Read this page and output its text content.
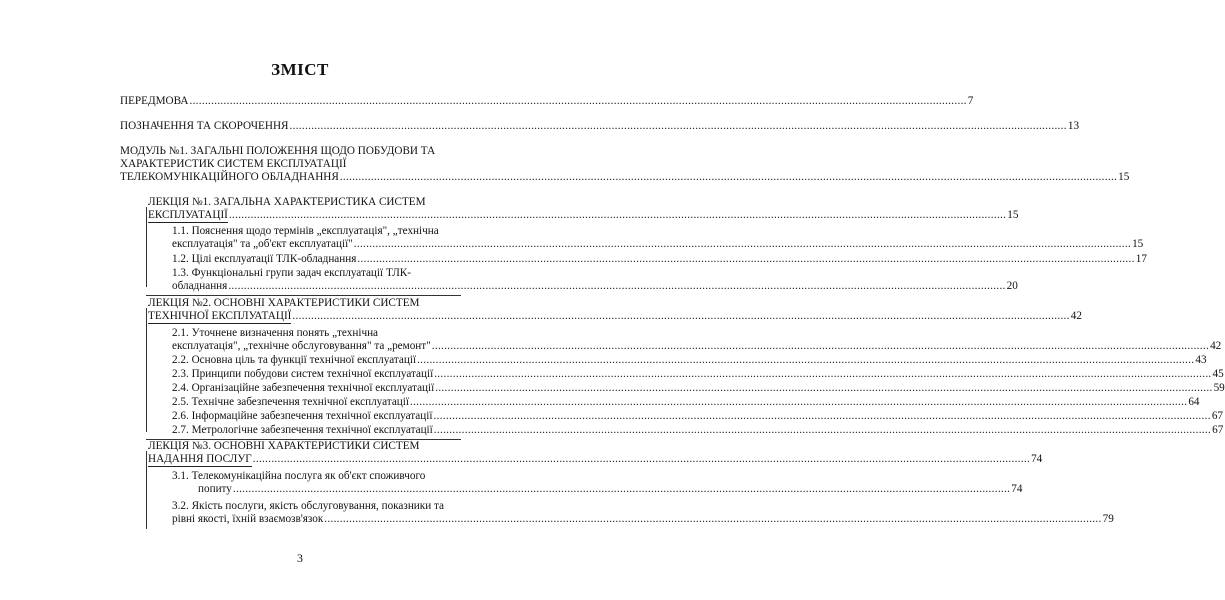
ЗМІСТ
ПЕРЕДМОВА .....	7
ПОЗНАЧЕННЯ ТА СКОРОЧЕННЯ .....	13
МОДУЛЬ №1. ЗАГАЛЬНІ ПОЛОЖЕННЯ ЩОДО ПОБУДОВИ ТА
ХАРАКТЕРИСТИК СИСТЕМ ЕКСПЛУАТАЦІЇ
ТЕЛЕКОМУНІКАЦІЙНОГО ОБЛАДНАННЯ .....	15
ЛЕКЦІЯ №1. ЗАГАЛЬНА ХАРАКТЕРИСТИКА СИСТЕМ
ЕКСПЛУАТАЦІЇ .....	15
1.1. Пояснення щодо термінів „експлуатація", „технічна
експлуатація" та „об'єкт експлуатації" .....	15
1.2. Цілі експлуатації ТЛК-обладнання .....	17
1.3. Функціональні групи задач експлуатації ТЛК-
обладнання .....	20
ЛЕКЦІЯ №2. ОСНОВНІ ХАРАКТЕРИСТИКИ СИСТЕМ
ТЕХНІЧНОЇ ЕКСПЛУАТАЦІЇ .....	42
2.1. Уточнене визначення понять „технічна
експлуатація", „технічне обслуговування" та „ремонт" .....	42
2.2. Основна ціль та функції технічної експлуатації .....	43
2.3. Принципи побудови систем технічної експлуатації .....	45
2.4. Організаційне забезпечення технічної експлуатації .....	59
2.5. Технічне забезпечення технічної експлуатації .....	64
2.6. Інформаційне забезпечення технічної експлуатації .....	67
2.7. Метрологічне забезпечення технічної експлуатації .....	67
ЛЕКЦІЯ №3. ОСНОВНІ ХАРАКТЕРИСТИКИ СИСТЕМ
НАДАННЯ ПОСЛУГ .....	74
3.1. Телекомунікаційна послуга як об'єкт споживчого
попиту .....	74
3.2. Якість послуги, якість обслуговування, показники та
рівні якості, їхній взаємозв'язок .....	79
3
